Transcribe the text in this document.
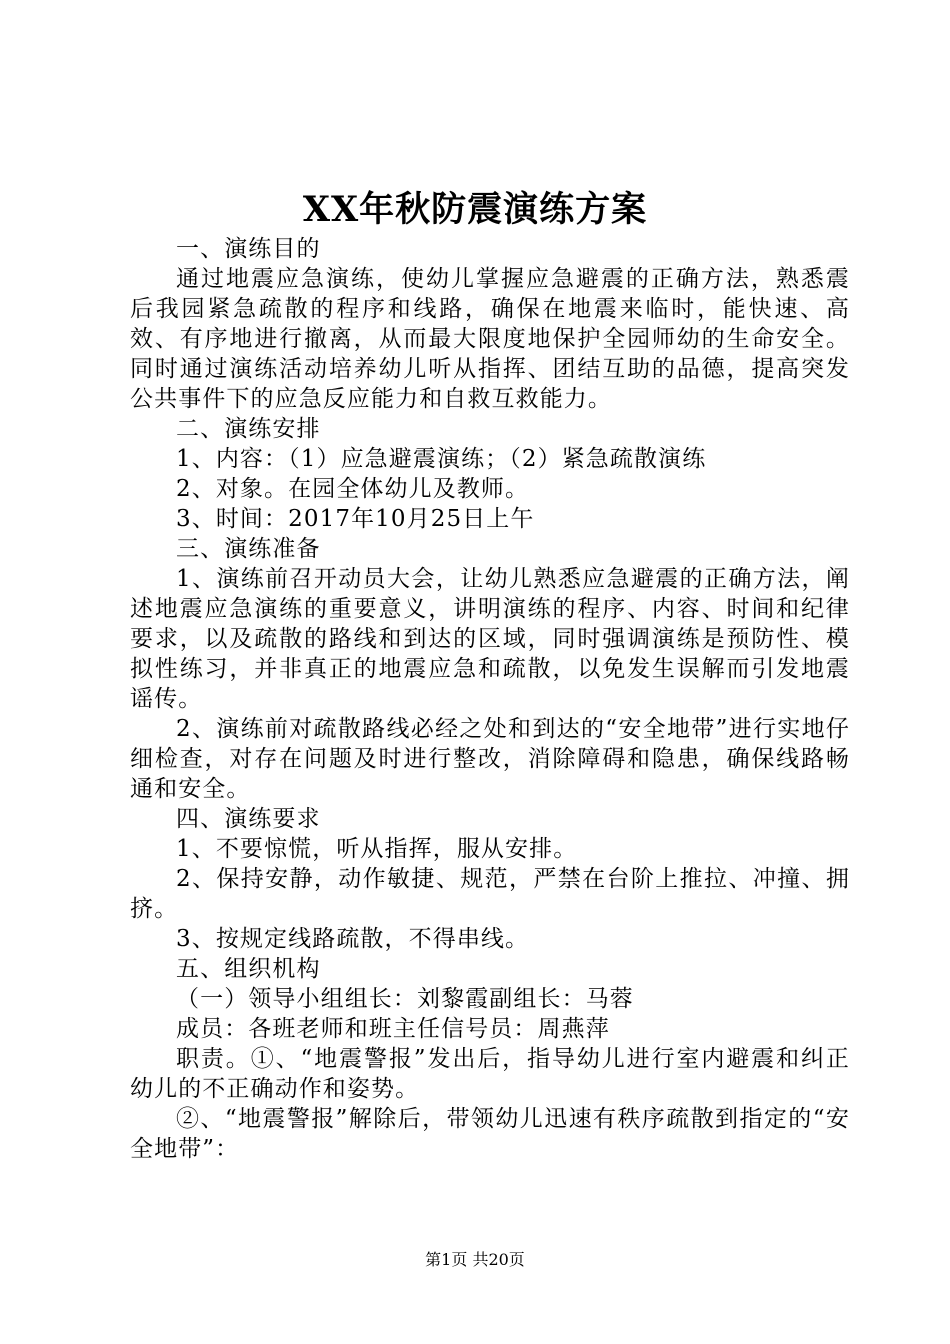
XX年秋防震演练方案

一、演练目的

通过地震应急演练，使幼儿掌握应急避震的正确方法，熟悉震后我园紧急疏散的程序和线路，确保在地震来临时，能快速、高效、有序地进行撤离，从而最大限度地保护全园师幼的生命安全。同时通过演练活动培养幼儿听从指挥、团结互助的品德，提高突发公共事件下的应急反应能力和自救互救能力。

二、演练安排

1、内容：（1）应急避震演练；（2）紧急疏散演练

2、对象。在园全体幼儿及教师。

3、时间：2017年10月25日上午

三、演练准备

1、演练前召开动员大会，让幼儿熟悉应急避震的正确方法，阐述地震应急演练的重要意义，讲明演练的程序、内容、时间和纪律要求，以及疏散的路线和到达的区域，同时强调演练是预防性、模拟性练习，并非真正的地震应急和疏散，以免发生误解而引发地震谣传。

2、演练前对疏散路线必经之处和到达的“安全地带”进行实地仔细检查，对存在问题及时进行整改，消除障碍和隐患，确保线路畅通和安全。

四、演练要求

1、不要惊慌，听从指挥，服从安排。

2、保持安静，动作敏捷、规范，严禁在台阶上推拉、冲撞、拥挤。

3、按规定线路疏散，不得串线。

五、组织机构

（一）领导小组组长：刘黎霞副组长：马蓉

成员：各班老师和班主任信号员：周燕萍

职责。①、“地震警报”发出后，指导幼儿进行室内避震和纠正幼儿的不正确动作和姿势。

②、“地震警报”解除后，带领幼儿迅速有秩序疏散到指定的“安全地带”：

第1页 共20页
